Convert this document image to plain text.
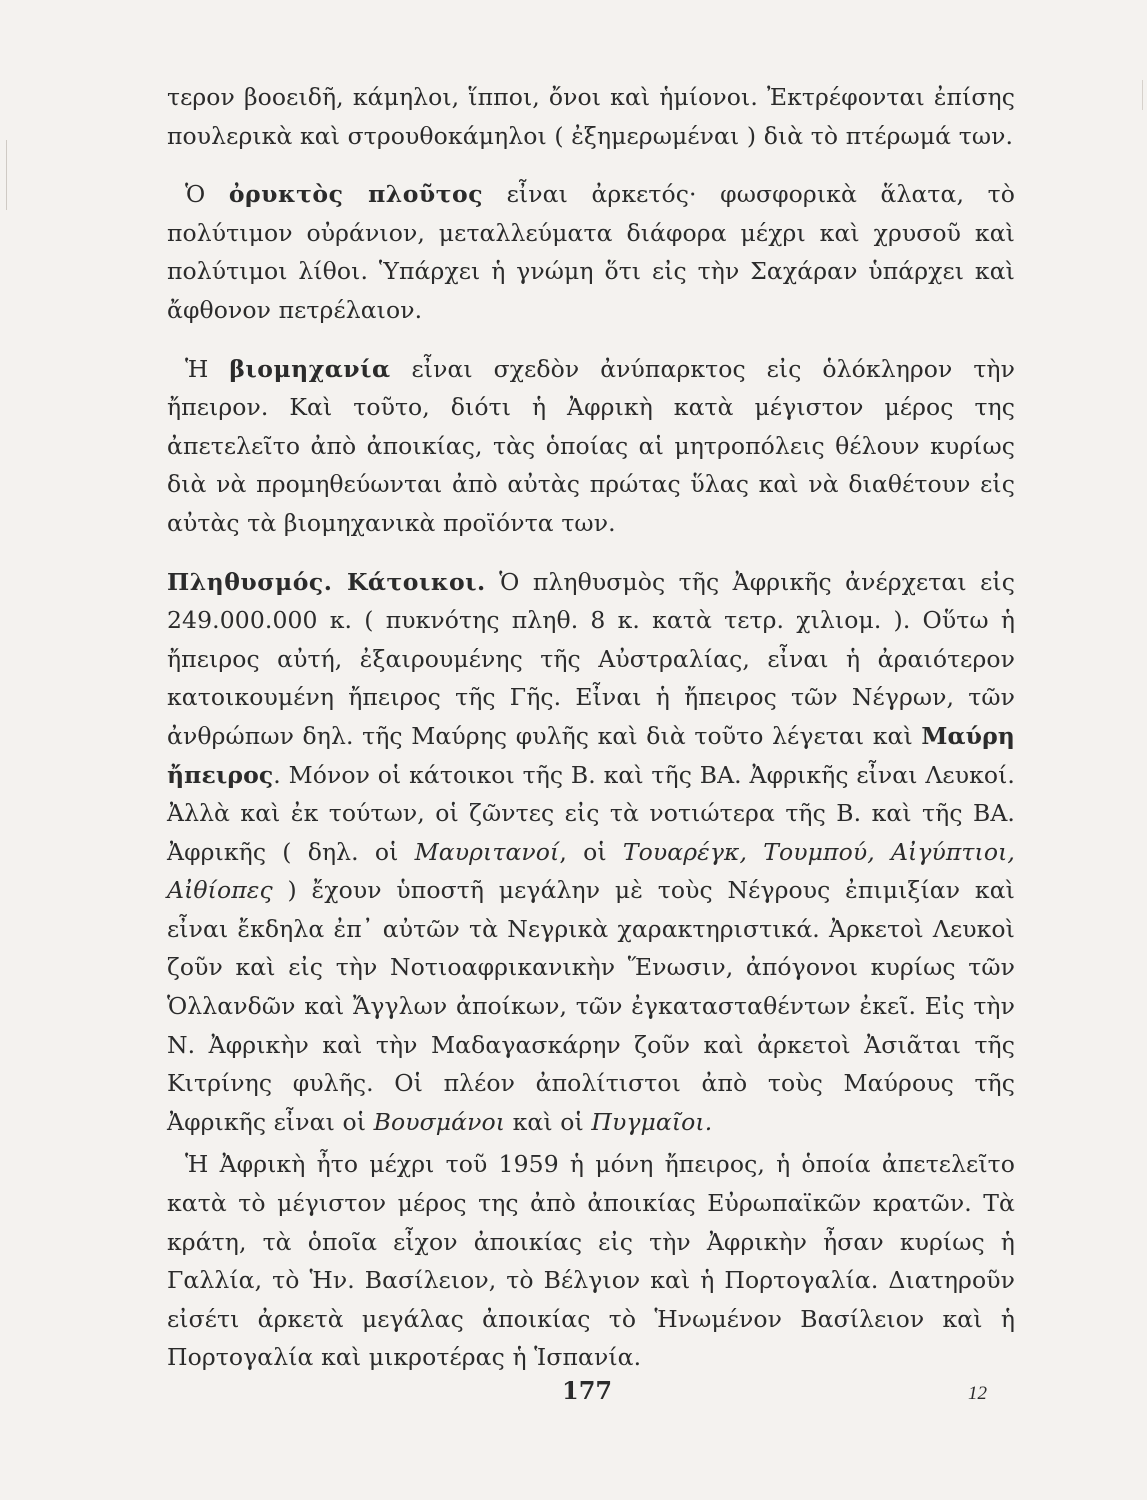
τερον βοοειδῆ, κάμηλοι, ἵπποι, ὄνοι καὶ ἡμίονοι. Ἐκτρέφονται ἐπίσης πουλερικὰ καὶ στρουθοκάμηλοι ( ἐξημερωμέναι ) διὰ τὸ πτέρωμά των.

Ὁ ὀρυκτὸς πλοῦτος εἶναι ἀρκετός· φωσφορικὰ ἅλατα, τὸ πολύτιμον οὐράνιον, μεταλλεύματα διάφορα μέχρι καὶ χρυσοῦ καὶ πολύτιμοι λίθοι. Ὑπάρχει ἡ γνώμη ὅτι εἰς τὴν Σαχάραν ὑπάρχει καὶ ἄφθονον πετρέλαιον.

Ἡ βιομηχανία εἶναι σχεδὸν ἀνύπαρκτος εἰς ὁλόκληρον τὴν ἤπειρον. Καὶ τοῦτο, διότι ἡ Ἀφρικὴ κατὰ μέγιστον μέρος της ἀπετελεῖτο ἀπὸ ἀποικίας, τὰς ὁποίας αἱ μητροπόλεις θέλουν κυρίως διὰ νὰ προμηθεύωνται ἀπὸ αὐτὰς πρώτας ὕλας καὶ νὰ διαθέτουν εἰς αὐτὰς τὰ βιομηχανικὰ προϊόντα των.

Πληθυσμός. Κάτοικοι. Ὁ πληθυσμὸς τῆς Ἀφρικῆς ἀνέρχεται εἰς 249.000.000 κ. ( πυκνότης πληθ. 8 κ. κατὰ τετρ. χιλιομ. ). Οὕτω ἡ ἤπειρος αὐτή, ἐξαιρουμένης τῆς Αὐστραλίας, εἶναι ἡ ἀραιότερον κατοικουμένη ἤπειρος τῆς Γῆς. Εἶναι ἡ ἤπειρος τῶν Νέγρων, τῶν ἀνθρώπων δηλ. τῆς Μαύρης φυλῆς καὶ διὰ τοῦτο λέγεται καὶ Μαύρη ἤπειρος. Μόνον οἱ κάτοικοι τῆς Β. καὶ τῆς ΒΑ. Ἀφρικῆς εἶναι Λευκοί. Ἀλλὰ καὶ ἐκ τούτων, οἱ ζῶντες εἰς τὰ νοτιώτερα τῆς Β. καὶ τῆς ΒΑ. Ἀφρικῆς ( δηλ. οἱ Μαυριτανοί, οἱ Τουαρέγκ, Τουμπού, Αἰγύπτιοι, Αἰθίοπες ) ἔχουν ὑποστῆ μεγάλην μὲ τοὺς Νέγρους ἐπιμιξίαν καὶ εἶναι ἔκδηλα ἐπ᾽ αὐτῶν τὰ Νεγρικὰ χαρακτηριστικά. Ἀρκετοὶ Λευκοὶ ζοῦν καὶ εἰς τὴν Νοτιοαφρικανικὴν Ἕνωσιν, ἀπόγονοι κυρίως τῶν Ὁλλανδῶν καὶ Ἄγγλων ἀποίκων, τῶν ἐγκατασταθέντων ἐκεῖ. Εἰς τὴν Ν. Ἀφρικὴν καὶ τὴν Μαδαγασκάρην ζοῦν καὶ ἀρκετοὶ Ἀσιᾶται τῆς Κιτρίνης φυλῆς. Οἱ πλέον ἀπολίτιστοι ἀπὸ τοὺς Μαύρους τῆς Ἀφρικῆς εἶναι οἱ Βουσμάνοι καὶ οἱ Πυγμαῖοι.

Ἡ Ἀφρικὴ ἦτο μέχρι τοῦ 1959 ἡ μόνη ἤπειρος, ἡ ὁποία ἀπετελεῖτο κατὰ τὸ μέγιστον μέρος της ἀπὸ ἀποικίας Εὐρωπαϊκῶν κρατῶν. Τὰ κράτη, τὰ ὁποῖα εἶχον ἀποικίας εἰς τὴν Ἀφρικὴν ἦσαν κυρίως ἡ Γαλλία, τὸ Ἡν. Βασίλειον, τὸ Βέλγιον καὶ ἡ Πορτογαλία. Διατηροῦν εἰσέτι ἀρκετὰ μεγάλας ἀποικίας τὸ Ἡνωμένον Βασίλειον καὶ ἡ Πορτογαλία καὶ μικροτέρας ἡ Ἱσπανία.

177	12
